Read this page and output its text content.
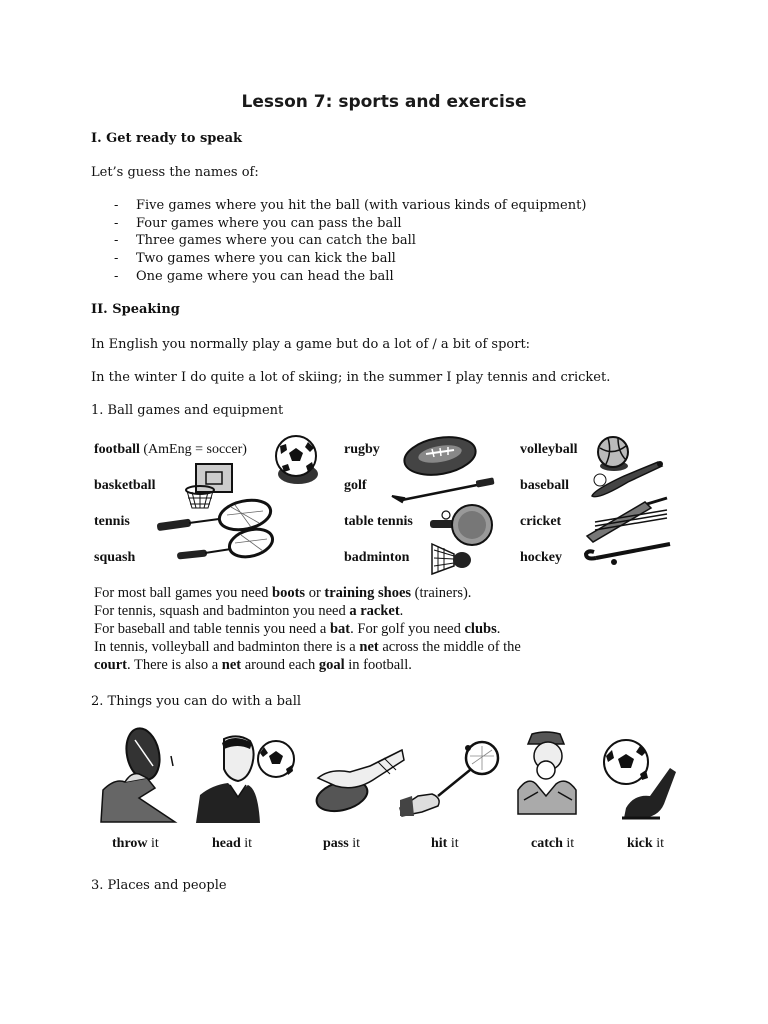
Lesson 7: sports and exercise
I. Get ready to speak
Let’s guess the names of:
- Five games where you hit the ball (with various kinds of equipment)
- Four games where you can pass the ball
- Three games where you can catch the ball
- Two games where you can kick the ball
- One game where you can head the ball
II. Speaking
In English you normally play a game but do a lot of / a bit of sport:
In the winter I do quite a lot of skiing; in the summer I play tennis and cricket.
1. Ball games and equipment
football (AmEng = soccer)
basketball
tennis
squash
rugby
golf
table tennis
badminton
volleyball
baseball
cricket
hockey
For most ball games you need boots or training shoes (trainers).
For tennis, squash and badminton you need a racket.
For baseball and table tennis you need a bat. For golf you need clubs.
In tennis, volleyball and badminton there is a net across the middle of the
court. There is also a net around each goal in football.
2. Things you can do with a ball
throw it	head it	pass it	hit it	catch it	kick it
3. Places and people
